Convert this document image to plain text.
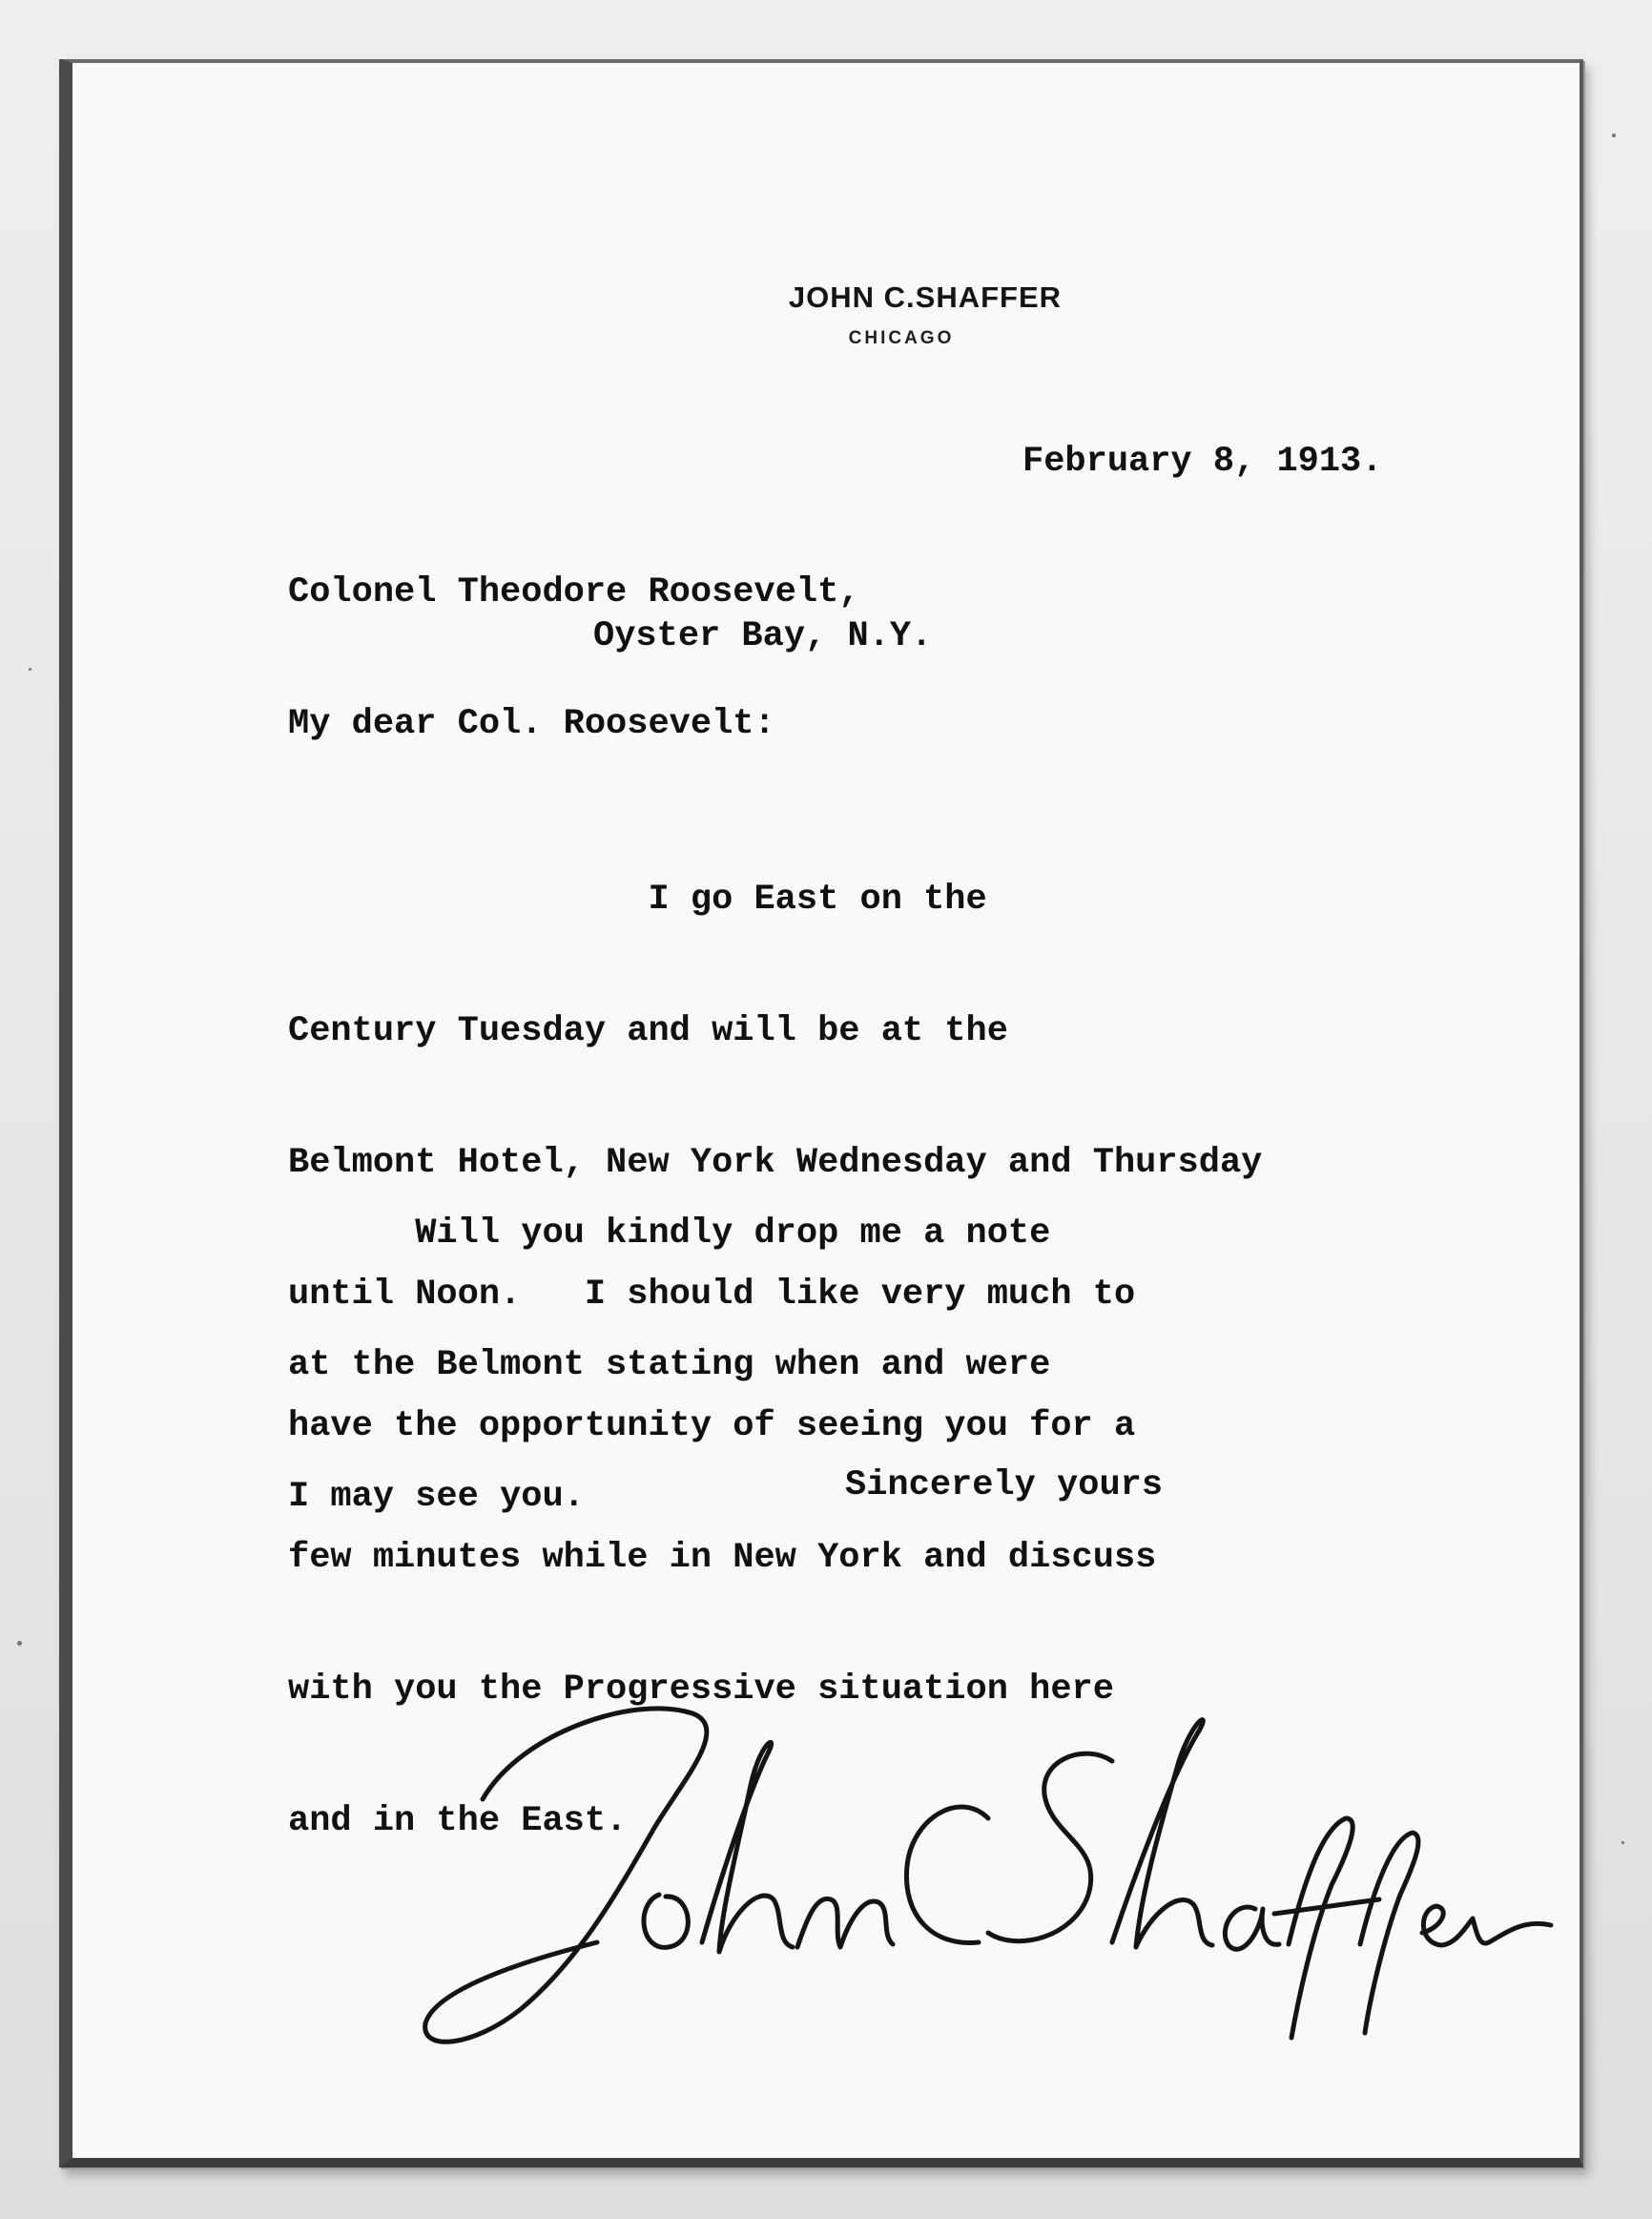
JOHN C.SHAFFER
CHICAGO
February 8, 1913.
Colonel Theodore Roosevelt,
Oyster Bay, N.Y.
My dear Col. Roosevelt:

I go East on the

Century Tuesday and will be at the

Belmont Hotel, New York Wednesday and Thursday

until Noon.   I should like very much to

have the opportunity of seeing you for a

few minutes while in New York and discuss

with you the Progressive situation here

and in the East.

Will you kindly drop me a note

at the Belmont stating when and were

I may see you.

	Sincerely yours
